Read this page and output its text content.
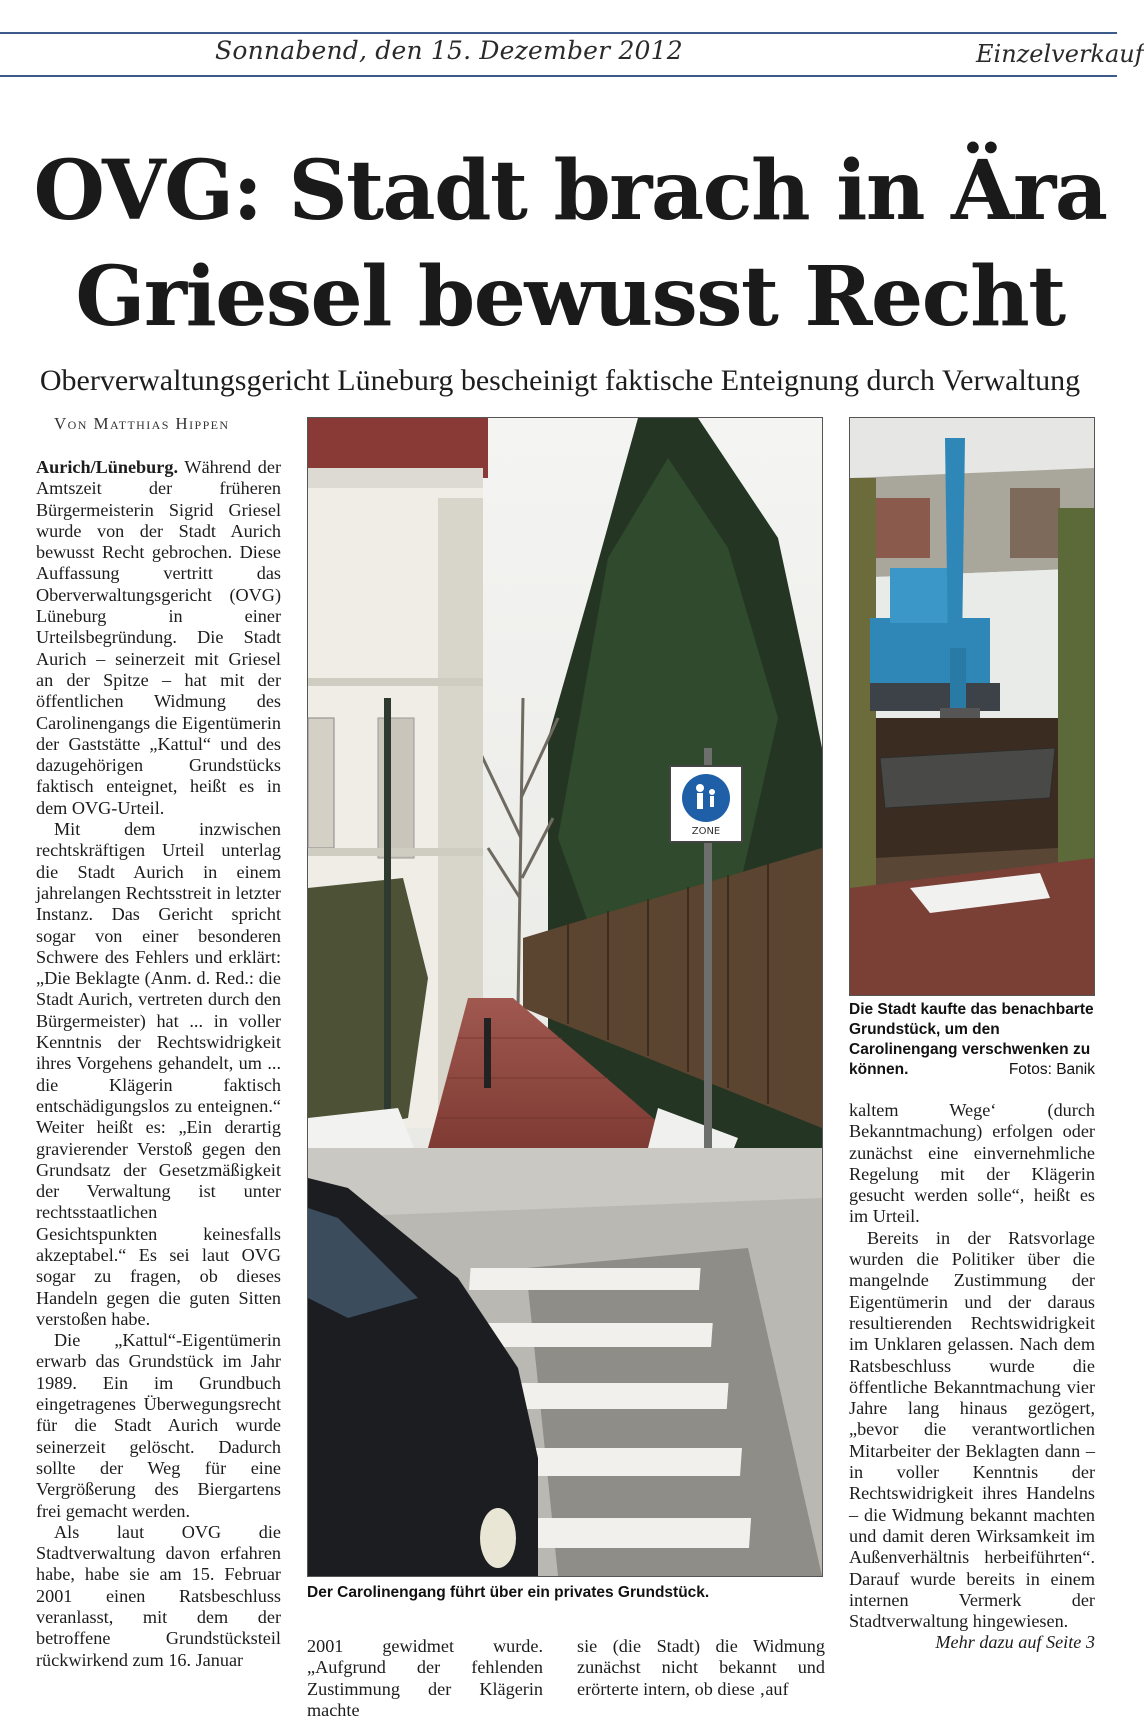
Sonnabend, den 15. Dezember 2012	Einzelverkauf
OVG: Stadt brach in Ära
Griesel bewusst Recht
Oberverwaltungsgericht Lüneburg bescheinigt faktische Enteignung durch Verwaltung
Von Matthias Hippen

Aurich/Lüneburg. Während der Amtszeit der früheren Bürgermeisterin Sigrid Griesel wurde von der Stadt Aurich bewusst Recht gebrochen. Diese Auffassung vertritt das Oberverwaltungsgericht (OVG) Lüneburg in einer Urteilsbegründung. Die Stadt Aurich – seinerzeit mit Griesel an der Spitze – hat mit der öffentlichen Widmung des Carolinengangs die Eigentümerin der Gaststätte „Kattul“ und des dazugehörigen Grundstücks faktisch enteignet, heißt es in dem OVG-Urteil.

Mit dem inzwischen rechtskräftigen Urteil unterlag die Stadt Aurich in einem jahrelangen Rechtsstreit in letzter Instanz. Das Gericht spricht sogar von einer besonderen Schwere des Fehlers und erklärt: „Die Beklagte (Anm. d. Red.: die Stadt Aurich, vertreten durch den Bürgermeister) hat ... in voller Kenntnis der Rechtswidrigkeit ihres Vorgehens gehandelt, um ... die Klägerin faktisch entschädigungslos zu enteignen.“ Weiter heißt es: „Ein derartig gravierender Verstoß gegen den Grundsatz der Gesetzmäßigkeit der Verwaltung ist unter rechtsstaatlichen Gesichtspunkten keinesfalls akzeptabel.“ Es sei laut OVG sogar zu fragen, ob dieses Handeln gegen die guten Sitten verstoßen habe.

Die „Kattul“-Eigentümerin erwarb das Grundstück im Jahr 1989. Ein im Grundbuch eingetragenes Überwegungsrecht für die Stadt Aurich wurde seinerzeit gelöscht. Dadurch sollte der Weg für eine Vergrößerung des Biergartens frei gemacht werden.

Als laut OVG die Stadtverwaltung davon erfahren habe, habe sie am 15. Februar 2001 einen Ratsbeschluss veranlasst, mit dem der betroffene Grundstücksteil rückwirkend zum 16. Januar

ZONE
Der Carolinengang führt über ein privates Grundstück.
Die Stadt kaufte das benachbarte Grundstück, um den Carolinengang verschwenken zu können.	Fotos: Banik
2001 gewidmet wurde. „Aufgrund der fehlenden Zustimmung der Klägerin machte
sie (die Stadt) die Widmung zunächst nicht bekannt und erörterte intern, ob diese ‚auf

kaltem Wege‘ (durch Bekanntmachung) erfolgen oder zunächst eine einvernehmliche Regelung mit der Klägerin gesucht werden solle“, heißt es im Urteil.

Bereits in der Ratsvorlage wurden die Politiker über die mangelnde Zustimmung der Eigentümerin und der daraus resultierenden Rechtswidrigkeit im Unklaren gelassen. Nach dem Ratsbeschluss wurde die öffentliche Bekanntmachung vier Jahre lang hinaus gezögert, „bevor die verantwortlichen Mitarbeiter der Beklagten dann – in voller Kenntnis der Rechtswidrigkeit ihres Handelns – die Widmung bekannt machten und damit deren Wirksamkeit im Außenverhältnis herbeiführten“. Darauf wurde bereits in einem internen Vermerk der Stadtverwaltung hingewiesen.
Mehr dazu auf Seite 3
